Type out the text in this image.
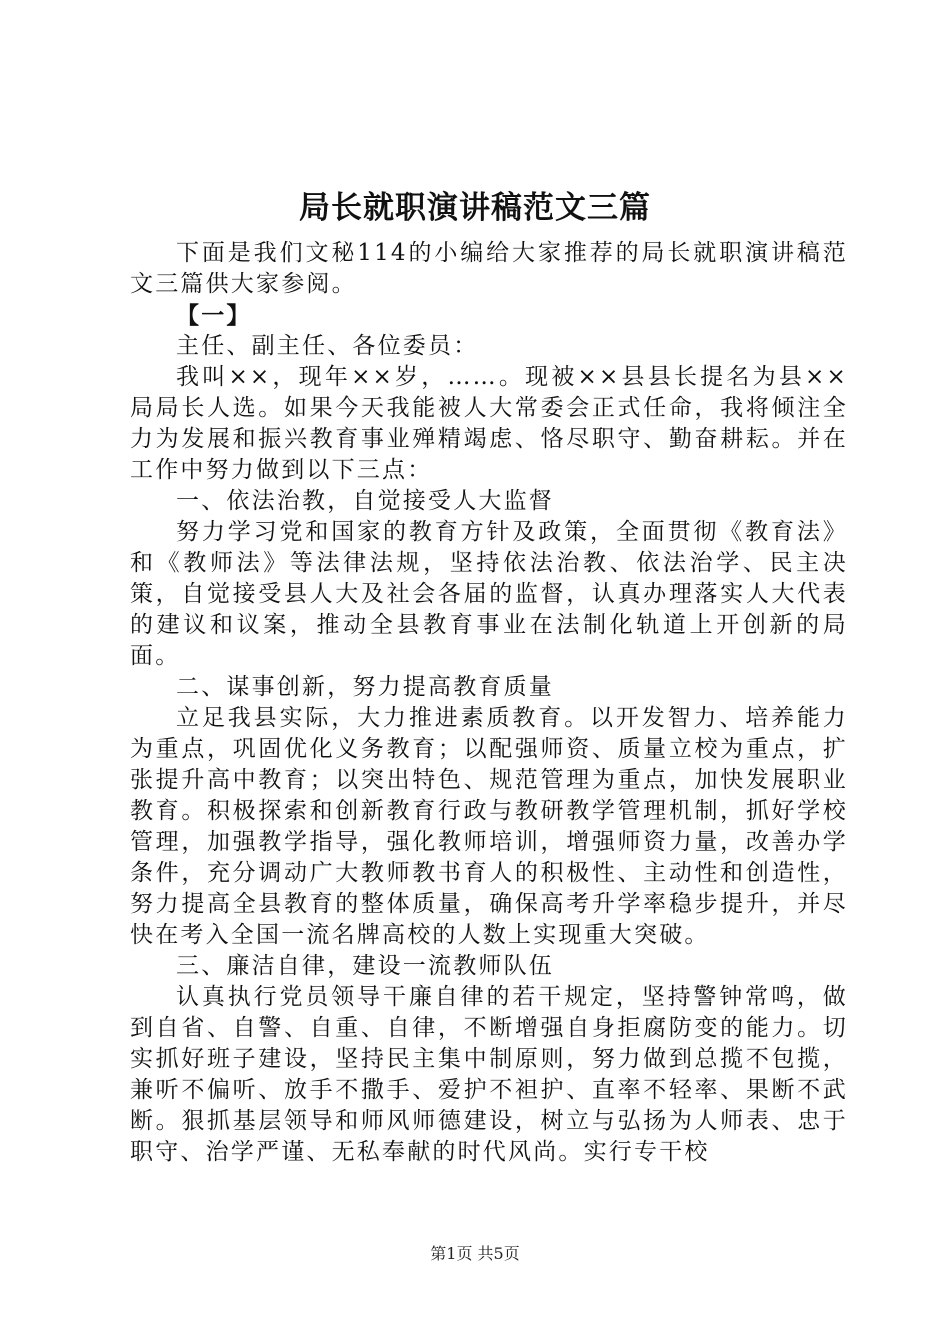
局长就职演讲稿范文三篇

下面是我们文秘114的小编给大家推荐的局长就职演讲稿范文三篇供大家参阅。

【一】

主任、副主任、各位委员：

我叫××，现年××岁，……。现被××县县长提名为县××局局长人选。如果今天我能被人大常委会正式任命，我将倾注全力为发展和振兴教育事业殚精竭虑、恪尽职守、勤奋耕耘。并在工作中努力做到以下三点：

一、依法治教，自觉接受人大监督

努力学习党和国家的教育方针及政策，全面贯彻《教育法》和《教师法》等法律法规，坚持依法治教、依法治学、民主决策，自觉接受县人大及社会各届的监督，认真办理落实人大代表的建议和议案，推动全县教育事业在法制化轨道上开创新的局面。

二、谋事创新，努力提高教育质量

立足我县实际，大力推进素质教育。以开发智力、培养能力为重点，巩固优化义务教育；以配强师资、质量立校为重点，扩张提升高中教育；以突出特色、规范管理为重点，加快发展职业教育。积极探索和创新教育行政与教研教学管理机制，抓好学校管理，加强教学指导，强化教师培训，增强师资力量，改善办学条件，充分调动广大教师教书育人的积极性、主动性和创造性，努力提高全县教育的整体质量，确保高考升学率稳步提升，并尽快在考入全国一流名牌高校的人数上实现重大突破。

三、廉洁自律，建设一流教师队伍

认真执行党员领导干廉自律的若干规定，坚持警钟常鸣，做到自省、自警、自重、自律，不断增强自身拒腐防变的能力。切实抓好班子建设，坚持民主集中制原则，努力做到总揽不包揽，兼听不偏听、放手不撒手、爱护不袒护、直率不轻率、果断不武断。狠抓基层领导和师风师德建设，树立与弘扬为人师表、忠于职守、治学严谨、无私奉献的时代风尚。实行专干校

第1页 共5页
